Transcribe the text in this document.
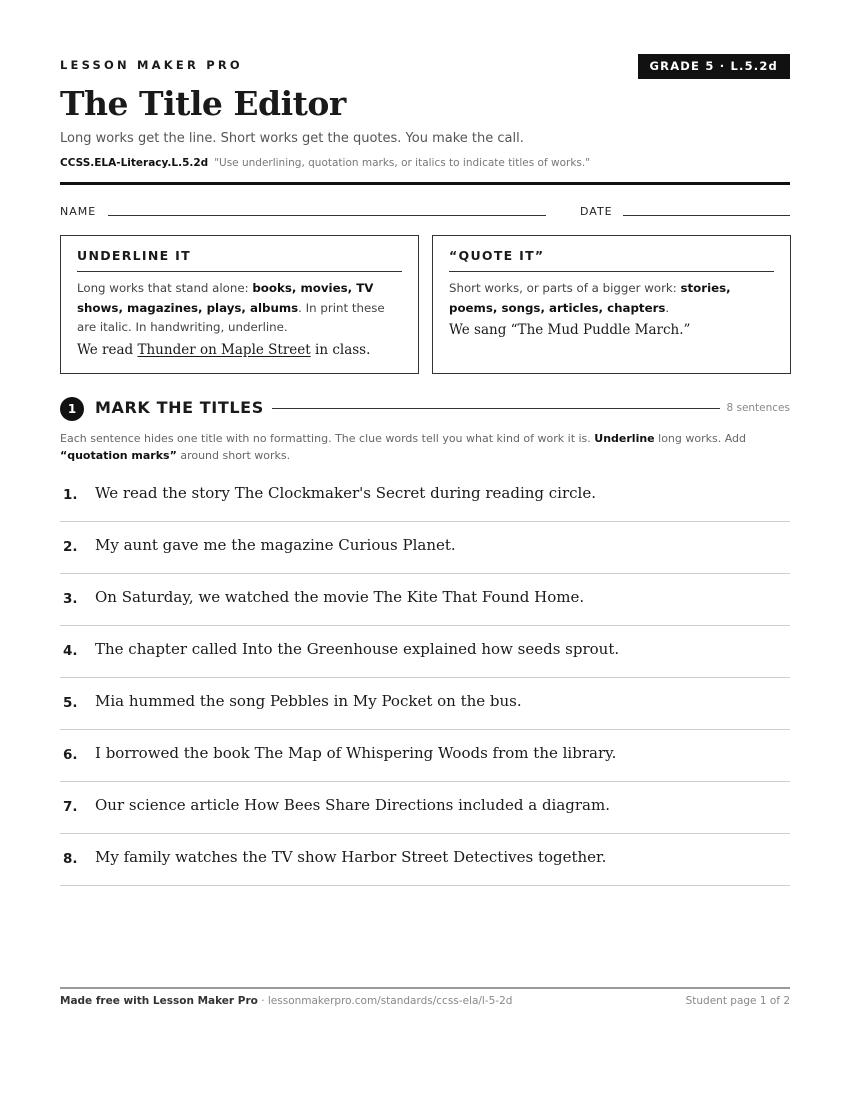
LESSON MAKER PRO	GRADE 5 · L.5.2d
The Title Editor
Long works get the line. Short works get the quotes. You make the call.
CCSS.ELA-Literacy.L.5.2d "Use underlining, quotation marks, or italics to indicate titles of works."
NAME	DATE
UNDERLINE IT
Long works that stand alone: books, movies, TV shows, magazines, plays, albums. In print these are italic. In handwriting, underline.
We read Thunder on Maple Street in class.
“QUOTE IT”
Short works, or parts of a bigger work: stories, poems, songs, articles, chapters.
We sang “The Mud Puddle March.”
1	MARK THE TITLES	8 sentences
Each sentence hides one title with no formatting. The clue words tell you what kind of work it is. Underline long works. Add “quotation marks” around short works.
1. We read the story The Clockmaker's Secret during reading circle.
2. My aunt gave me the magazine Curious Planet.
3. On Saturday, we watched the movie The Kite That Found Home.
4. The chapter called Into the Greenhouse explained how seeds sprout.
5. Mia hummed the song Pebbles in My Pocket on the bus.
6. I borrowed the book The Map of Whispering Woods from the library.
7. Our science article How Bees Share Directions included a diagram.
8. My family watches the TV show Harbor Street Detectives together.
Made free with Lesson Maker Pro · lessonmakerpro.com/standards/ccss-ela/l-5-2d	Student page 1 of 2
